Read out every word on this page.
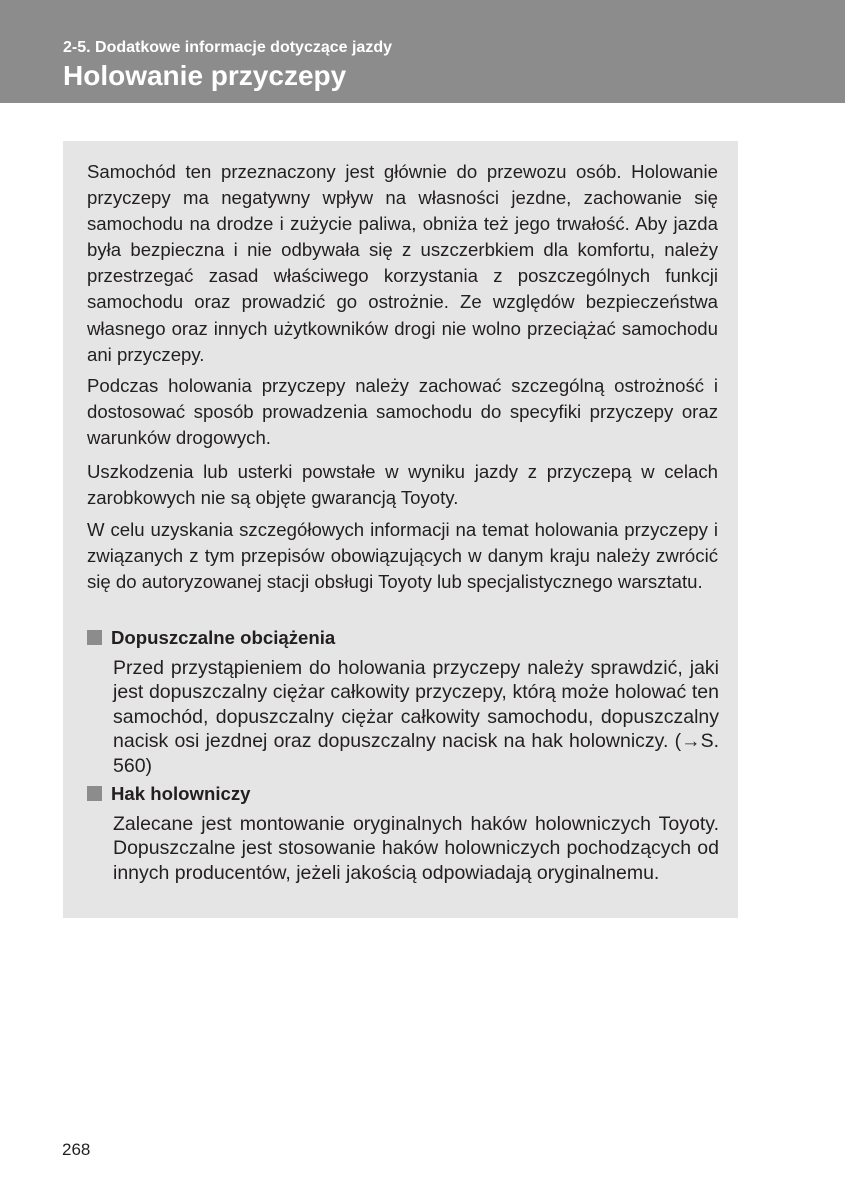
2-5. Dodatkowe informacje dotyczące jazdy
Holowanie przyczepy

Samochód ten przeznaczony jest głównie do przewozu osób. Holowanie przyczepy ma negatywny wpływ na własności jezdne, zachowanie się samochodu na drodze i zużycie paliwa, obniża też jego trwałość. Aby jazda była bezpieczna i nie odbywała się z uszczerbkiem dla komfortu, należy przestrzegać zasad właściwego korzystania z poszczególnych funkcji samochodu oraz prowadzić go ostrożnie. Ze względów bezpieczeństwa własnego oraz innych użytkowników drogi nie wolno przeciążać samochodu ani przyczepy.

Podczas holowania przyczepy należy zachować szczególną ostrożność i dostosować sposób prowadzenia samochodu do specyfiki przyczepy oraz warunków drogowych.

Uszkodzenia lub usterki powstałe w wyniku jazdy z przyczepą w celach zarobkowych nie są objęte gwarancją Toyoty.

W celu uzyskania szczegółowych informacji na temat holowania przyczepy i związanych z tym przepisów obowiązujących w danym kraju należy zwrócić się do autoryzowanej stacji obsługi Toyoty lub specjalistycznego warsztatu.

Dopuszczalne obciążenia

Przed przystąpieniem do holowania przyczepy należy sprawdzić, jaki jest dopuszczalny ciężar całkowity przyczepy, którą może holować ten samochód, dopuszczalny ciężar całkowity samochodu, dopuszczalny nacisk osi jezdnej oraz dopuszczalny nacisk na hak holowniczy. (→S. 560)

Hak holowniczy

Zalecane jest montowanie oryginalnych haków holowniczych Toyoty. Dopuszczalne jest stosowanie haków holowniczych pochodzących od innych producentów, jeżeli jakością odpowiadają oryginalnemu.

268
